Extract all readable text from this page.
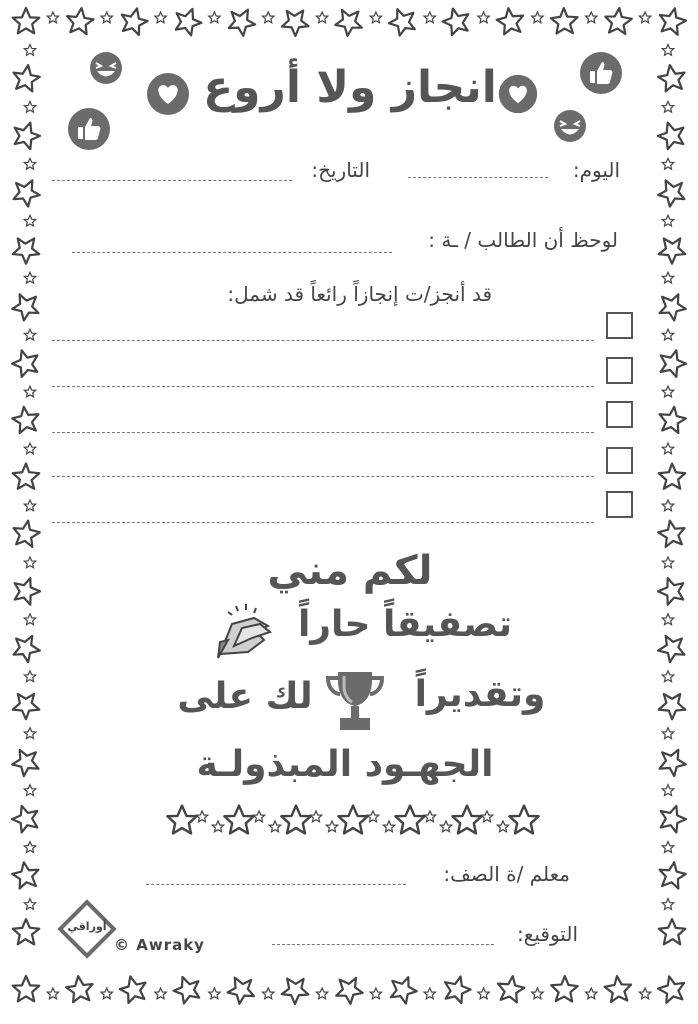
انجاز ولا أروع
اليوم:
التاريخ:
لوحظ أن الطالب / ـة :
قد أنجز/ت إنجازاً رائعاً قد شمل:
لكم مني
تصفيقاً حاراً
وتقديراً
لك على
الجهـود المبذولـة
معلم /ة الصف:
التوقيع:
أوراقي
© Awraky
